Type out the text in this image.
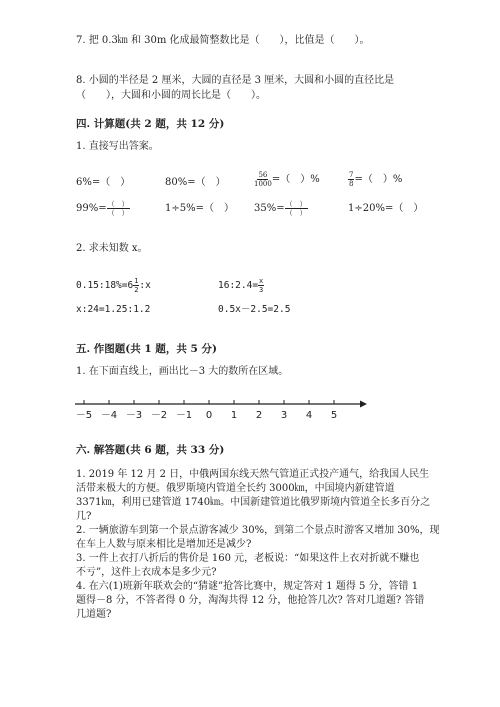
7. 把 0.3㎞ 和 30m 化成最简整数比是（　　），比值是（　　）。
8. 小圆的半径是 2 厘米，大圆的直径是 3 厘米，大圆和小圆的直径比是
（　　），大圆和小圆的周长比是（　　）。
四. 计算题(共 2 题，共 12 分)
1. 直接写出答案。
6%=（　）	80%=（　）	$\frac{56}{1000}$ =（　）%	$\frac{7}{8}$ =（　）%
$99\%= \frac{( )}{( )}$	1÷5%=（　） $35\%= \frac{( )}{( )}$	1÷20%=（　）
2. 求未知数 x。
0.15:18%=6 $\frac{1}{2}$ :x	16:2.4= $\frac{x}{3}$
x:24=1.25:1.2	0.5x－2.5=2.5
五. 作图题(共 1 题，共 5 分)
1. 在下面直线上，画出比－3 大的数所在区域。
－5 －4 －3 －2 －1 0 1 2 3 4 5
六. 解答题(共 6 题，共 33 分)
1. 2019 年 12 月 2 日，中俄两国东线天然气管道正式投产通气，给我国人民生
活带来极大的方便。俄罗斯境内管道全长约 3000㎞，中国境内新建管道
3371㎞，利用已建管道 1740㎞。中国新建管道比俄罗斯境内管道全长多百分之
几?
2. 一辆旅游车到第一个景点游客减少 30%，到第二个景点时游客又增加 30%，现
在车上人数与原来相比是增加还是减少?
3. 一件上衣打八折后的售价是 160 元，老板说：“如果这件上衣对折就不赚也
不亏”，这件上衣成本是多少元?
4. 在六(1)班新年联欢会的“猜谜”抢答比赛中，规定答对 1 题得 5 分，答错 1
题得－8 分，不答者得 0 分，淘淘共得 12 分，他抢答几次? 答对几道题? 答错
几道题?
